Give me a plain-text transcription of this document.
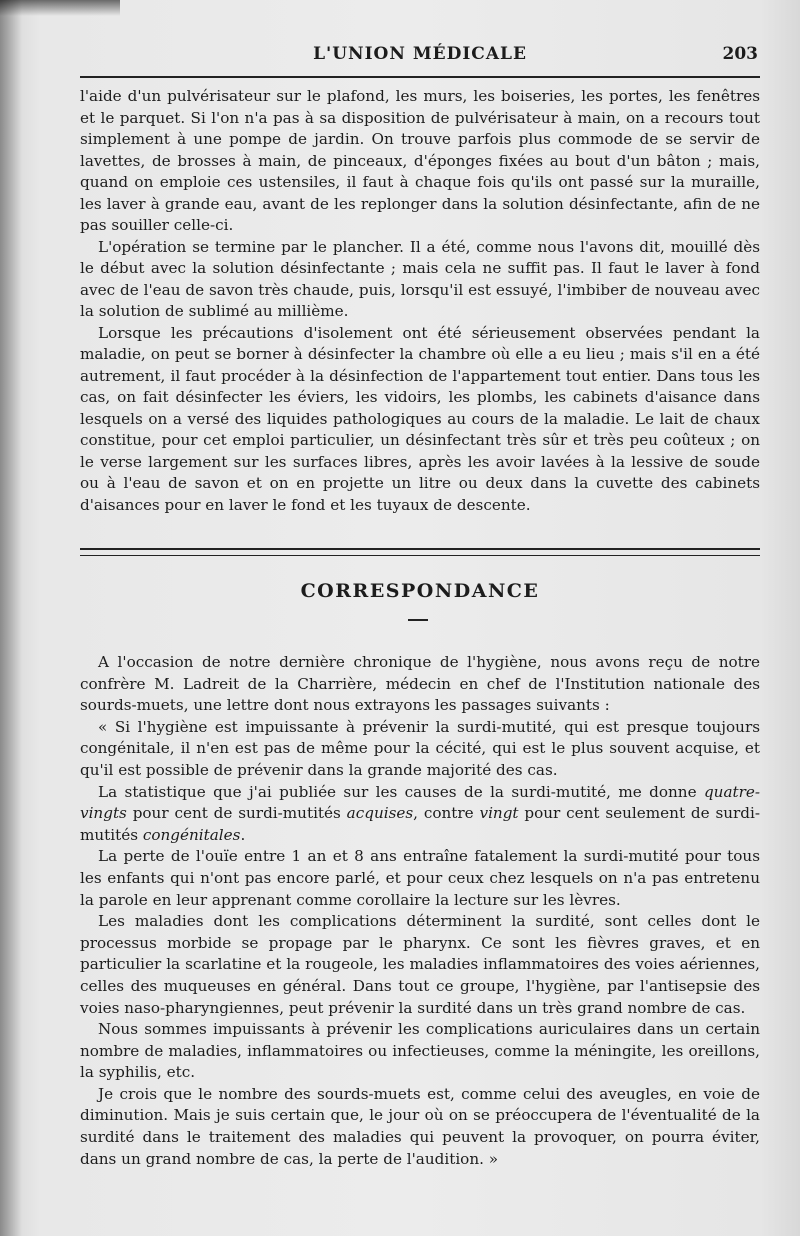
L'UNION MÉDICALE	203

l'aide d'un pulvérisateur sur le plafond, les murs, les boiseries, les portes, les fenêtres et le parquet. Si l'on n'a pas à sa disposition de pulvérisateur à main, on a recours tout simplement à une pompe de jardin. On trouve parfois plus commode de se servir de lavettes, de brosses à main, de pinceaux, d'éponges fixées au bout d'un bâton ; mais, quand on emploie ces ustensiles, il faut à chaque fois qu'ils ont passé sur la muraille, les laver à grande eau, avant de les replonger dans la solution désinfectante, afin de ne pas souiller celle-ci.

L'opération se termine par le plancher. Il a été, comme nous l'avons dit, mouillé dès le début avec la solution désinfectante ; mais cela ne suffit pas. Il faut le laver à fond avec de l'eau de savon très chaude, puis, lorsqu'il est essuyé, l'imbiber de nouveau avec la solution de sublimé au millième.

Lorsque les précautions d'isolement ont été sérieusement observées pendant la maladie, on peut se borner à désinfecter la chambre où elle a eu lieu ; mais s'il en a été autrement, il faut procéder à la désinfection de l'appartement tout entier. Dans tous les cas, on fait désinfecter les éviers, les vidoirs, les plombs, les cabinets d'aisance dans lesquels on a versé des liquides pathologiques au cours de la maladie. Le lait de chaux constitue, pour cet emploi particulier, un désinfectant très sûr et très peu coûteux ; on le verse largement sur les surfaces libres, après les avoir lavées à la lessive de soude ou à l'eau de savon et on en projette un litre ou deux dans la cuvette des cabinets d'aisances pour en laver le fond et les tuyaux de descente.

CORRESPONDANCE

A l'occasion de notre dernière chronique de l'hygiène, nous avons reçu de notre confrère M. Ladreit de la Charrière, médecin en chef de l'Institution nationale des sourds-muets, une lettre dont nous extrayons les passages suivants :

« Si l'hygiène est impuissante à prévenir la surdi-mutité, qui est presque toujours congénitale, il n'en est pas de même pour la cécité, qui est le plus souvent acquise, et qu'il est possible de prévenir dans la grande majorité des cas.

La statistique que j'ai publiée sur les causes de la surdi-mutité, me donne quatre-vingts pour cent de surdi-mutités acquises, contre vingt pour cent seulement de surdi-mutités congénitales.

La perte de l'ouïe entre 1 an et 8 ans entraîne fatalement la surdi-mutité pour tous les enfants qui n'ont pas encore parlé, et pour ceux chez lesquels on n'a pas entretenu la parole en leur apprenant comme corollaire la lecture sur les lèvres.

Les maladies dont les complications déterminent la surdité, sont celles dont le processus morbide se propage par le pharynx. Ce sont les fièvres graves, et en particulier la scarlatine et la rougeole, les maladies inflammatoires des voies aériennes, celles des muqueuses en général. Dans tout ce groupe, l'hygiène, par l'antisepsie des voies naso-pharyngiennes, peut prévenir la surdité dans un très grand nombre de cas.

Nous sommes impuissants à prévenir les complications auriculaires dans un certain nombre de maladies, inflammatoires ou infectieuses, comme la méningite, les oreillons, la syphilis, etc.

Je crois que le nombre des sourds-muets est, comme celui des aveugles, en voie de diminution. Mais je suis certain que, le jour où on se préoccupera de l'éventualité de la surdité dans le traitement des maladies qui peuvent la provoquer, on pourra éviter, dans un grand nombre de cas, la perte de l'audition. »
